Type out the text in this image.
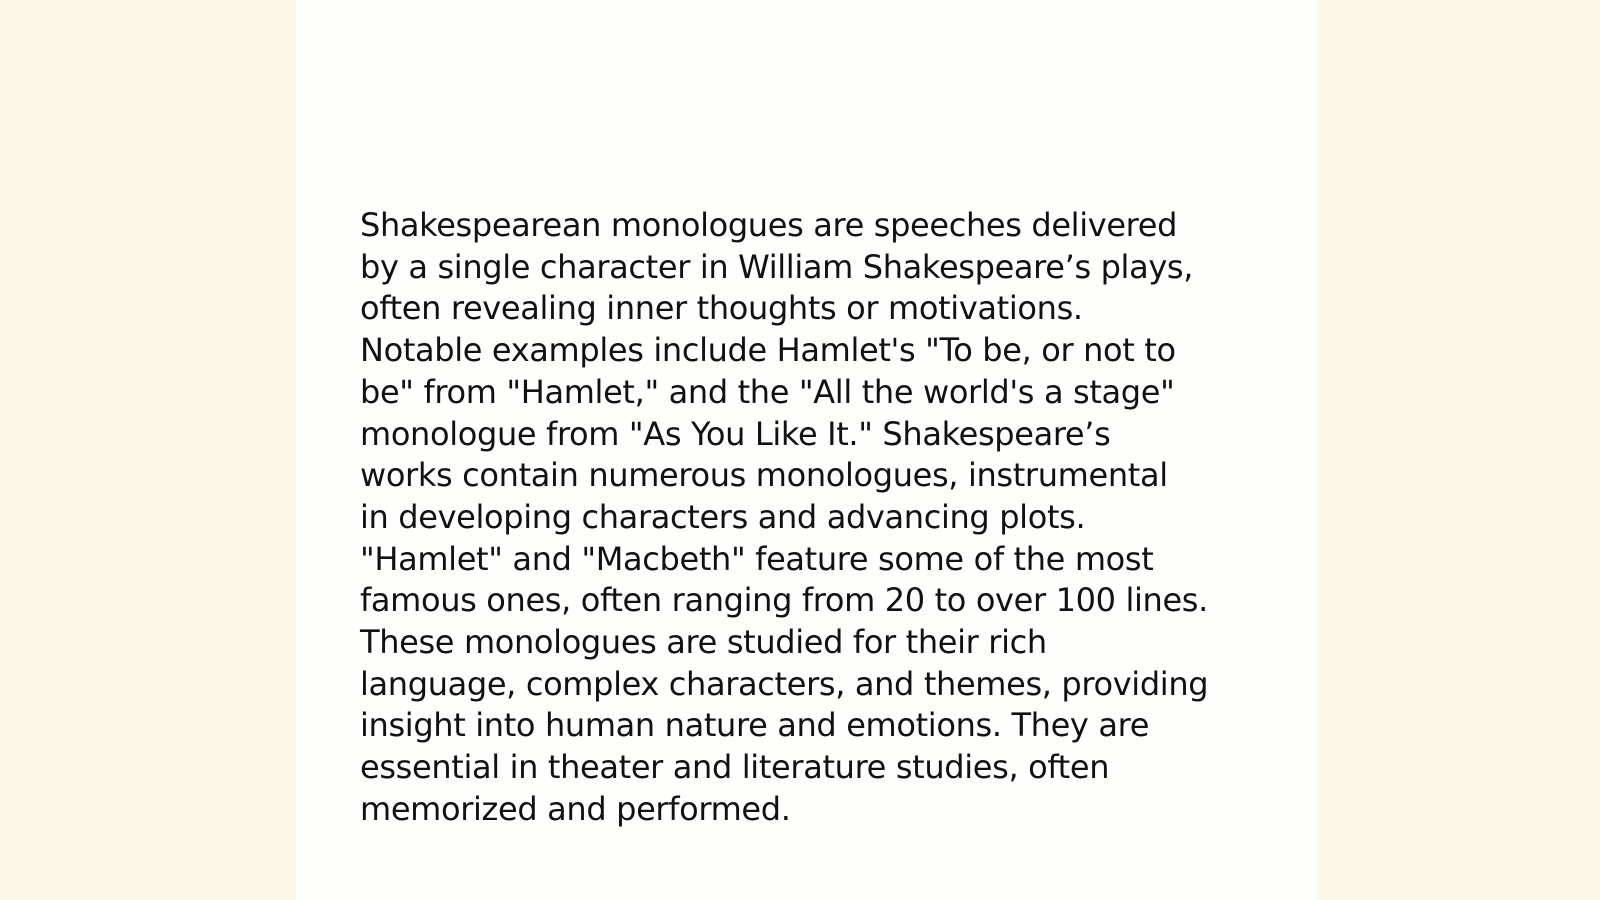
Shakespearean monologues are speeches delivered
by a single character in William Shakespeare’s plays,
often revealing inner thoughts or motivations.
Notable examples include Hamlet's "To be, or not to
be" from "Hamlet," and the "All the world's a stage"
monologue from "As You Like It." Shakespeare’s
works contain numerous monologues, instrumental
in developing characters and advancing plots.
"Hamlet" and "Macbeth" feature some of the most
famous ones, often ranging from 20 to over 100 lines.
These monologues are studied for their rich
language, complex characters, and themes, providing
insight into human nature and emotions. They are
essential in theater and literature studies, often
memorized and performed.
